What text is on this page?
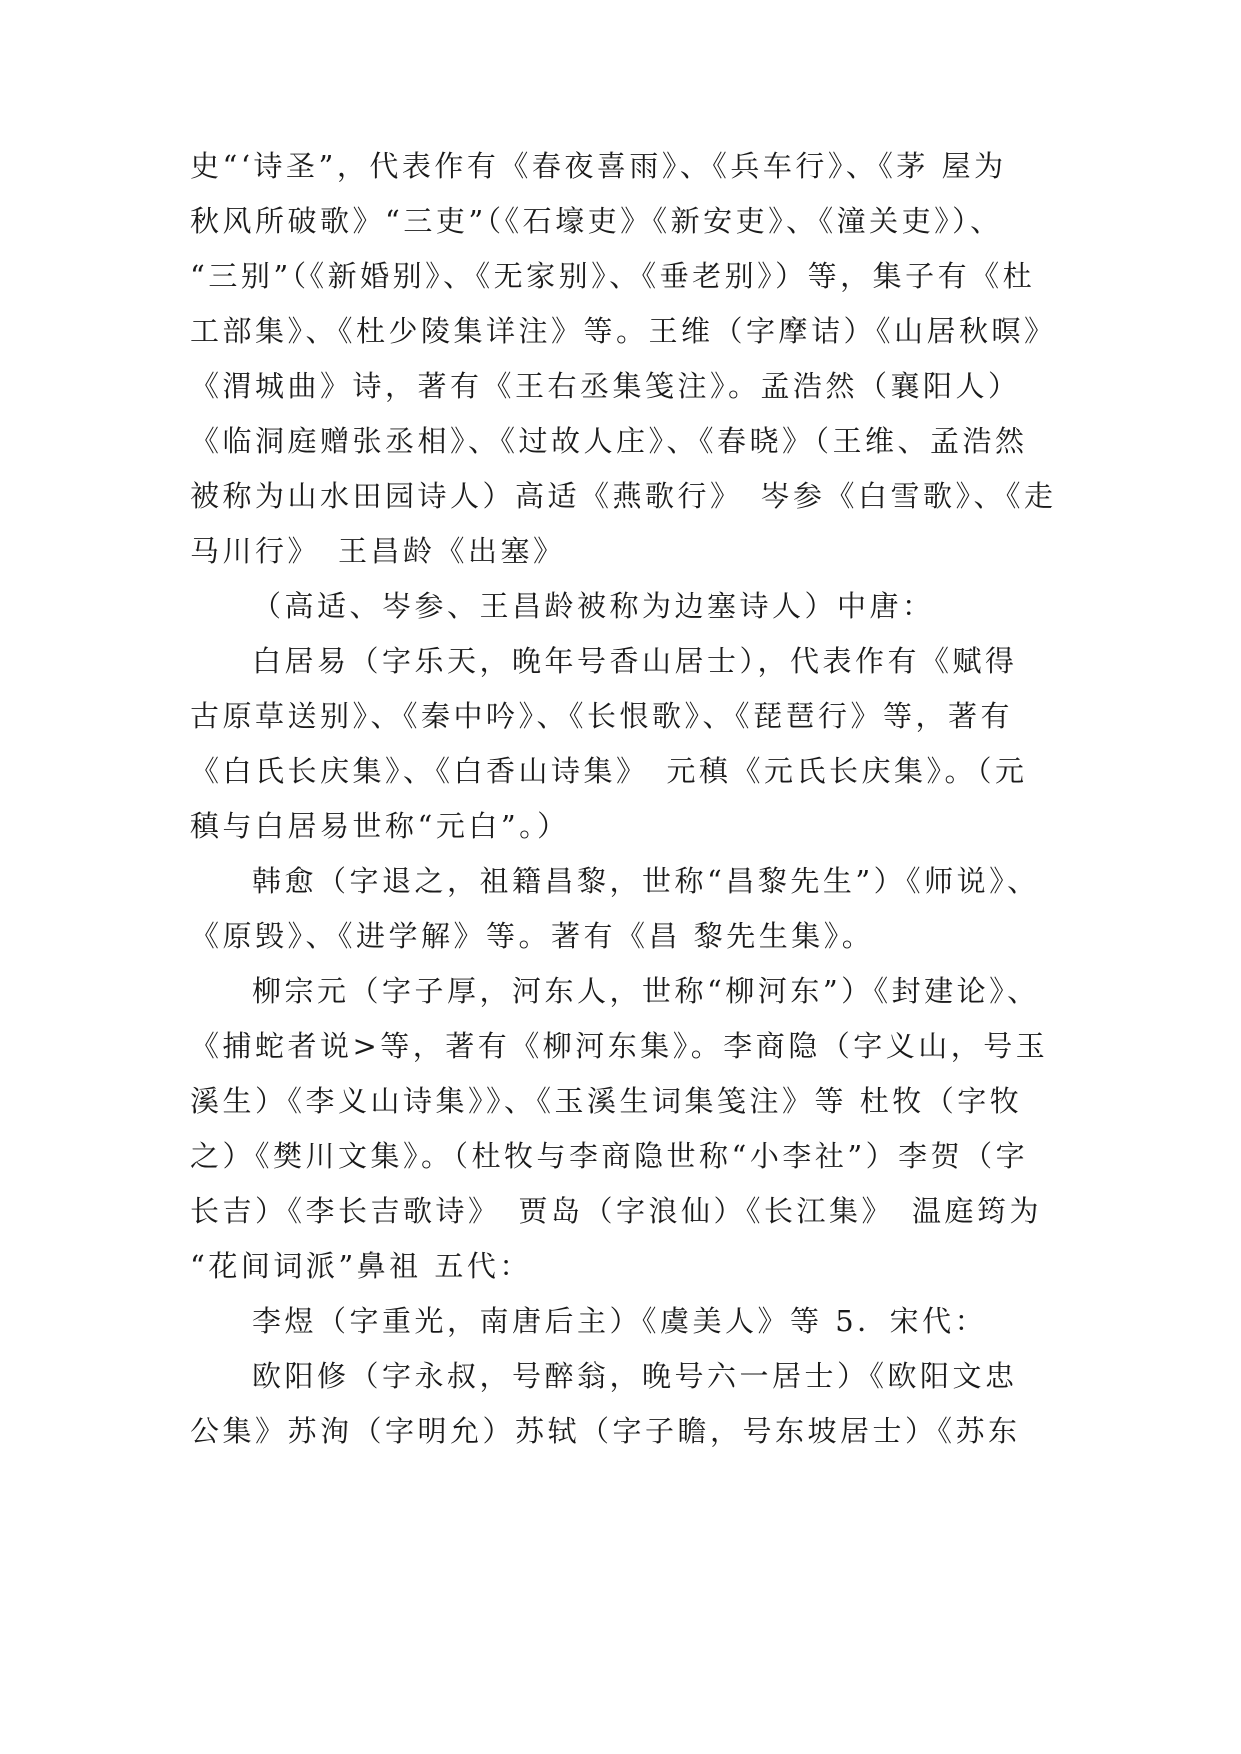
史“‘诗圣”，代表作有《春夜喜雨》、《兵车行》、《茅 屋为
秋风所破歌》“三吏”（《石壕吏》《新安吏》、《潼关吏》）、
“三别”（《新婚别》、《无家别》、《垂老别》）等，集子有《杜
工部集》、《杜少陵集详注》等。王维（字摩诘）《山居秋暝》
《渭城曲》诗，著有《王右丞集笺注》。孟浩然（襄阳人）
《临洞庭赠张丞相》、《过故人庄》、《春晓》（王维、孟浩然
被称为山水田园诗人）高适《燕歌行》　岑参《白雪歌》、《走
马川行》　王昌龄《出塞》
（高适、岑参、王昌龄被称为边塞诗人）中唐：
白居易（字乐天，晚年号香山居士），代表作有《赋得
古原草送别》、《秦中吟》、《长恨歌》、《琵琶行》等，著有
《白氏长庆集》、《白香山诗集》　元稹《元氏长庆集》。（元
稹与白居易世称“元白”。）
韩愈（字退之，祖籍昌黎，世称“昌黎先生”）《师说》、
《原毁》、《进学解》等。著有《昌 黎先生集》。
柳宗元（字子厚，河东人，世称“柳河东”）《封建论》、
《捕蛇者说>等，著有《柳河东集》。李商隐（字义山，号玉
溪生）《李义山诗集》》、《玉溪生词集笺注》等 杜牧（字牧
之）《樊川文集》。（杜牧与李商隐世称“小李社”）李贺（字
长吉）《李长吉歌诗》　贾岛（字浪仙）《长江集》　温庭筠为
“花间词派”鼻祖 五代：
李煜（字重光，南唐后主）《虞美人》等 5．宋代：
欧阳修（字永叔，号醉翁，晚号六一居士）《欧阳文忠
公集》苏洵（字明允）苏轼（字子瞻，号东坡居士）《苏东
